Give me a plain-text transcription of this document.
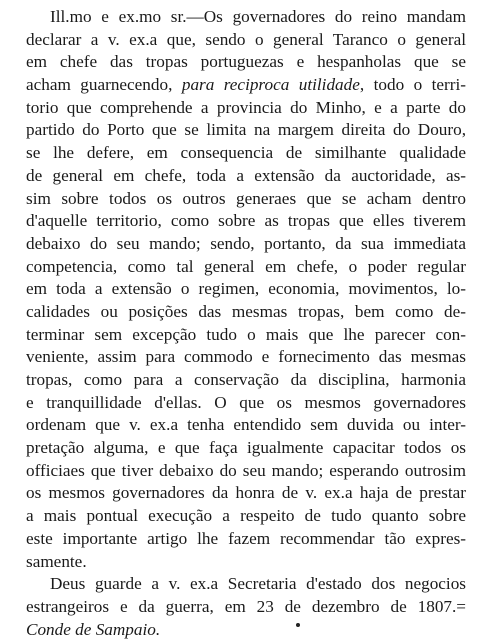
Ill.mo e ex.mo sr.—Os governadores do reino mandam
declarar a v. ex.a que, sendo o general Taranco o general
em chefe das tropas portuguezas e hespanholas que se
acham guarnecendo, para reciproca utilidade, todo o terri-
torio que comprehende a provincia do Minho, e a parte do
partido do Porto que se limita na margem direita do Douro,
se lhe defere, em consequencia de similhante qualidade
de general em chefe, toda a extensão da auctoridade, as-
sim sobre todos os outros generaes que se acham dentro
d'aquelle territorio, como sobre as tropas que elles tiverem
debaixo do seu mando; sendo, portanto, da sua immediata
competencia, como tal general em chefe, o poder regular
em toda a extensão o regimen, economia, movimentos, lo-
calidades ou posições das mesmas tropas, bem como de-
terminar sem excepção tudo o mais que lhe parecer con-
veniente, assim para commodo e fornecimento das mesmas
tropas, como para a conservação da disciplina, harmonia
e tranquillidade d'ellas. O que os mesmos governadores
ordenam que v. ex.a tenha entendido sem duvida ou inter-
pretação alguma, e que faça igualmente capacitar todos os
officiaes que tiver debaixo do seu mando; esperando outrosim
os mesmos governadores da honra de v. ex.a haja de prestar
a mais pontual execução a respeito de tudo quanto sobre
este importante artigo lhe fazem recommendar tão expres-
samente.
Deus guarde a v. ex.a Secretaria d'estado dos negocios
estrangeiros e da guerra, em 23 de dezembro de 1807.=
Conde de Sampaio.
